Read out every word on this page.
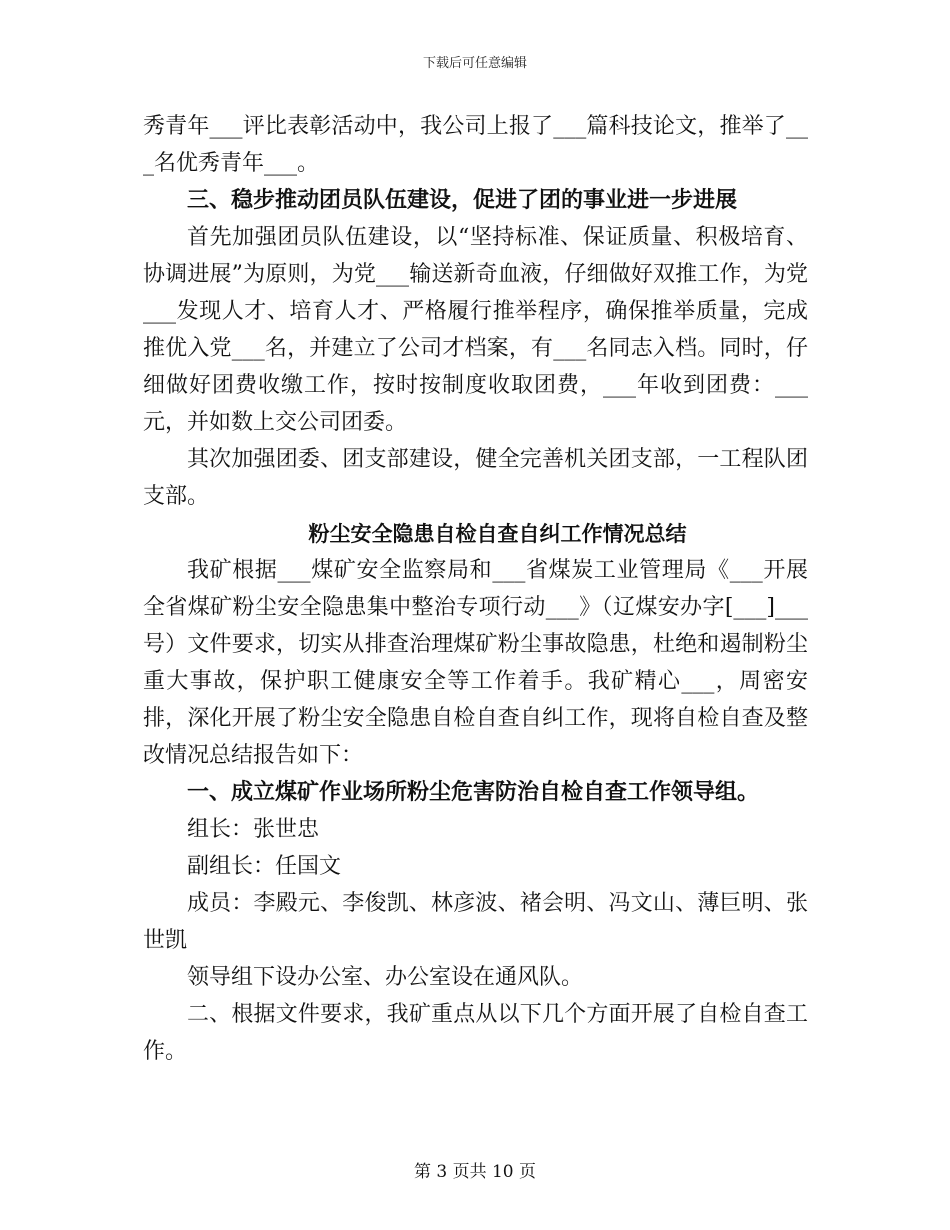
下载后可任意编辑

秀青年___评比表彰活动中，我公司上报了___篇科技论文，推举了___名优秀青年___。

三、稳步推动团员队伍建设，促进了团的事业进一步进展

首先加强团员队伍建设，以“坚持标准、保证质量、积极培育、协调进展”为原则，为党___输送新奇血液，仔细做好双推工作，为党___发现人才、培育人才、严格履行推举程序，确保推举质量，完成推优入党___名，并建立了公司才档案，有___名同志入档。同时，仔细做好团费收缴工作，按时按制度收取团费，___年收到团费：___元，并如数上交公司团委。

其次加强团委、团支部建设，健全完善机关团支部，一工程队团支部。

粉尘安全隐患自检自查自纠工作情况总结

我矿根据___煤矿安全监察局和___省煤炭工业管理局《___开展全省煤矿粉尘安全隐患集中整治专项行动___》（辽煤安办字[___]___号）文件要求，切实从排查治理煤矿粉尘事故隐患，杜绝和遏制粉尘重大事故，保护职工健康安全等工作着手。我矿精心___，周密安排，深化开展了粉尘安全隐患自检自查自纠工作，现将自检自查及整改情况总结报告如下：

一、成立煤矿作业场所粉尘危害防治自检自查工作领导组。

组长：张世忠

副组长：任国文

成员：李殿元、李俊凯、林彦波、褚会明、冯文山、薄巨明、张世凯

领导组下设办公室、办公室设在通风队。

二、根据文件要求，我矿重点从以下几个方面开展了自检自查工作。

第 3 页共 10 页
